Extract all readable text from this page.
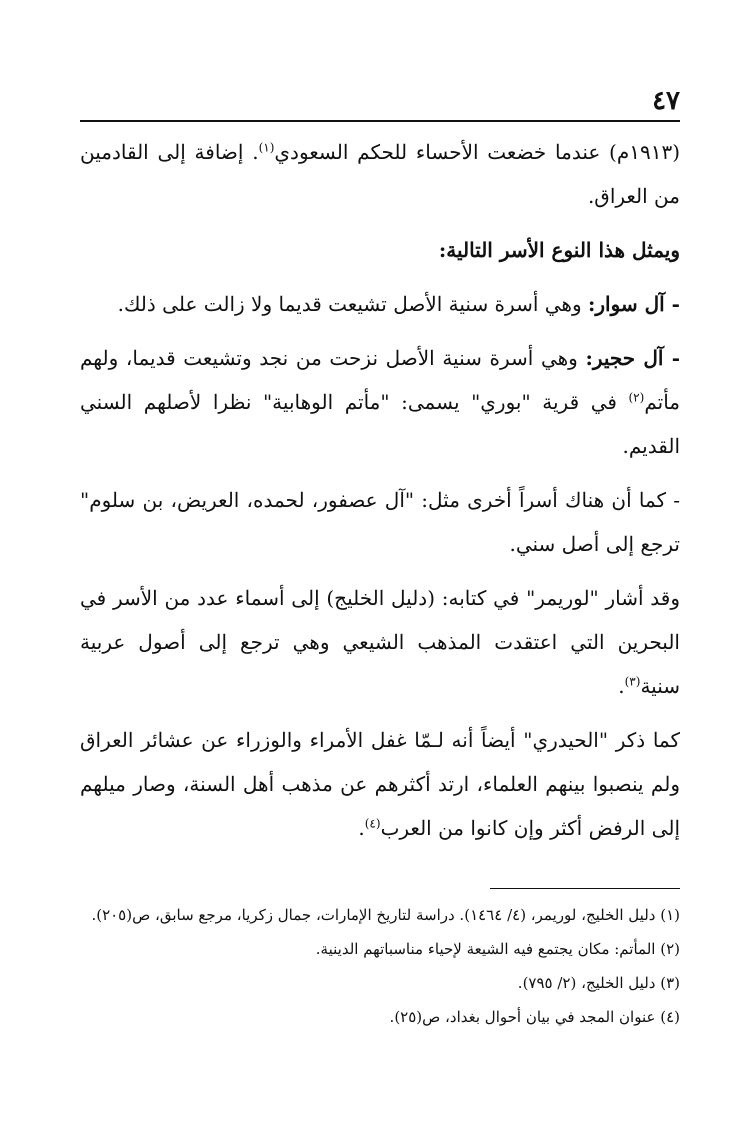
٤٧

(١٩١٣م) عندما خضعت الأحساء للحكم السعودي$^{(١)}$. إضافة إلى القادمين من العراق.

ويمثل هذا النوع الأسر التالية:

- آل سوار: وهي أسرة سنية الأصل تشيعت قديما ولا زالت على ذلك.

- آل حجير: وهي أسرة سنية الأصل نزحت من نجد وتشيعت قديما، ولهم مأتم$^{(٢)}$ في قرية "بوري" يسمى: "مأتم الوهابية" نظرا لأصلهم السني القديم.

- كما أن هناك أسراً أخرى مثل: "آل عصفور، لحمده، العريض، بن سلوم" ترجع إلى أصل سني.

وقد أشار "لوريمر" في كتابه: (دليل الخليج) إلى أسماء عدد من الأسر في البحرين التي اعتقدت المذهب الشيعي وهي ترجع إلى أصول عربية سنية$^{(٣)}$.

كما ذكر "الحيدري" أيضاً أنه لـمّا غفل الأمراء والوزراء عن عشائر العراق ولم ينصبوا بينهم العلماء، ارتد أكثرهم عن مذهب أهل السنة، وصار ميلهم إلى الرفض أكثر وإن كانوا من العرب$^{(٤)}$.

(١) دليل الخليج، لوريمر، (٤/ ١٤٦٤). دراسة لتاريخ الإمارات، جمال زكريا، مرجع سابق، ص(٢٠٥).
(٢) المأتم: مكان يجتمع فيه الشيعة لإحياء مناسباتهم الدينية.
(٣) دليل الخليج، (٢/ ٧٩٥).
(٤) عنوان المجد في بيان أحوال بغداد، ص(٢٥).
